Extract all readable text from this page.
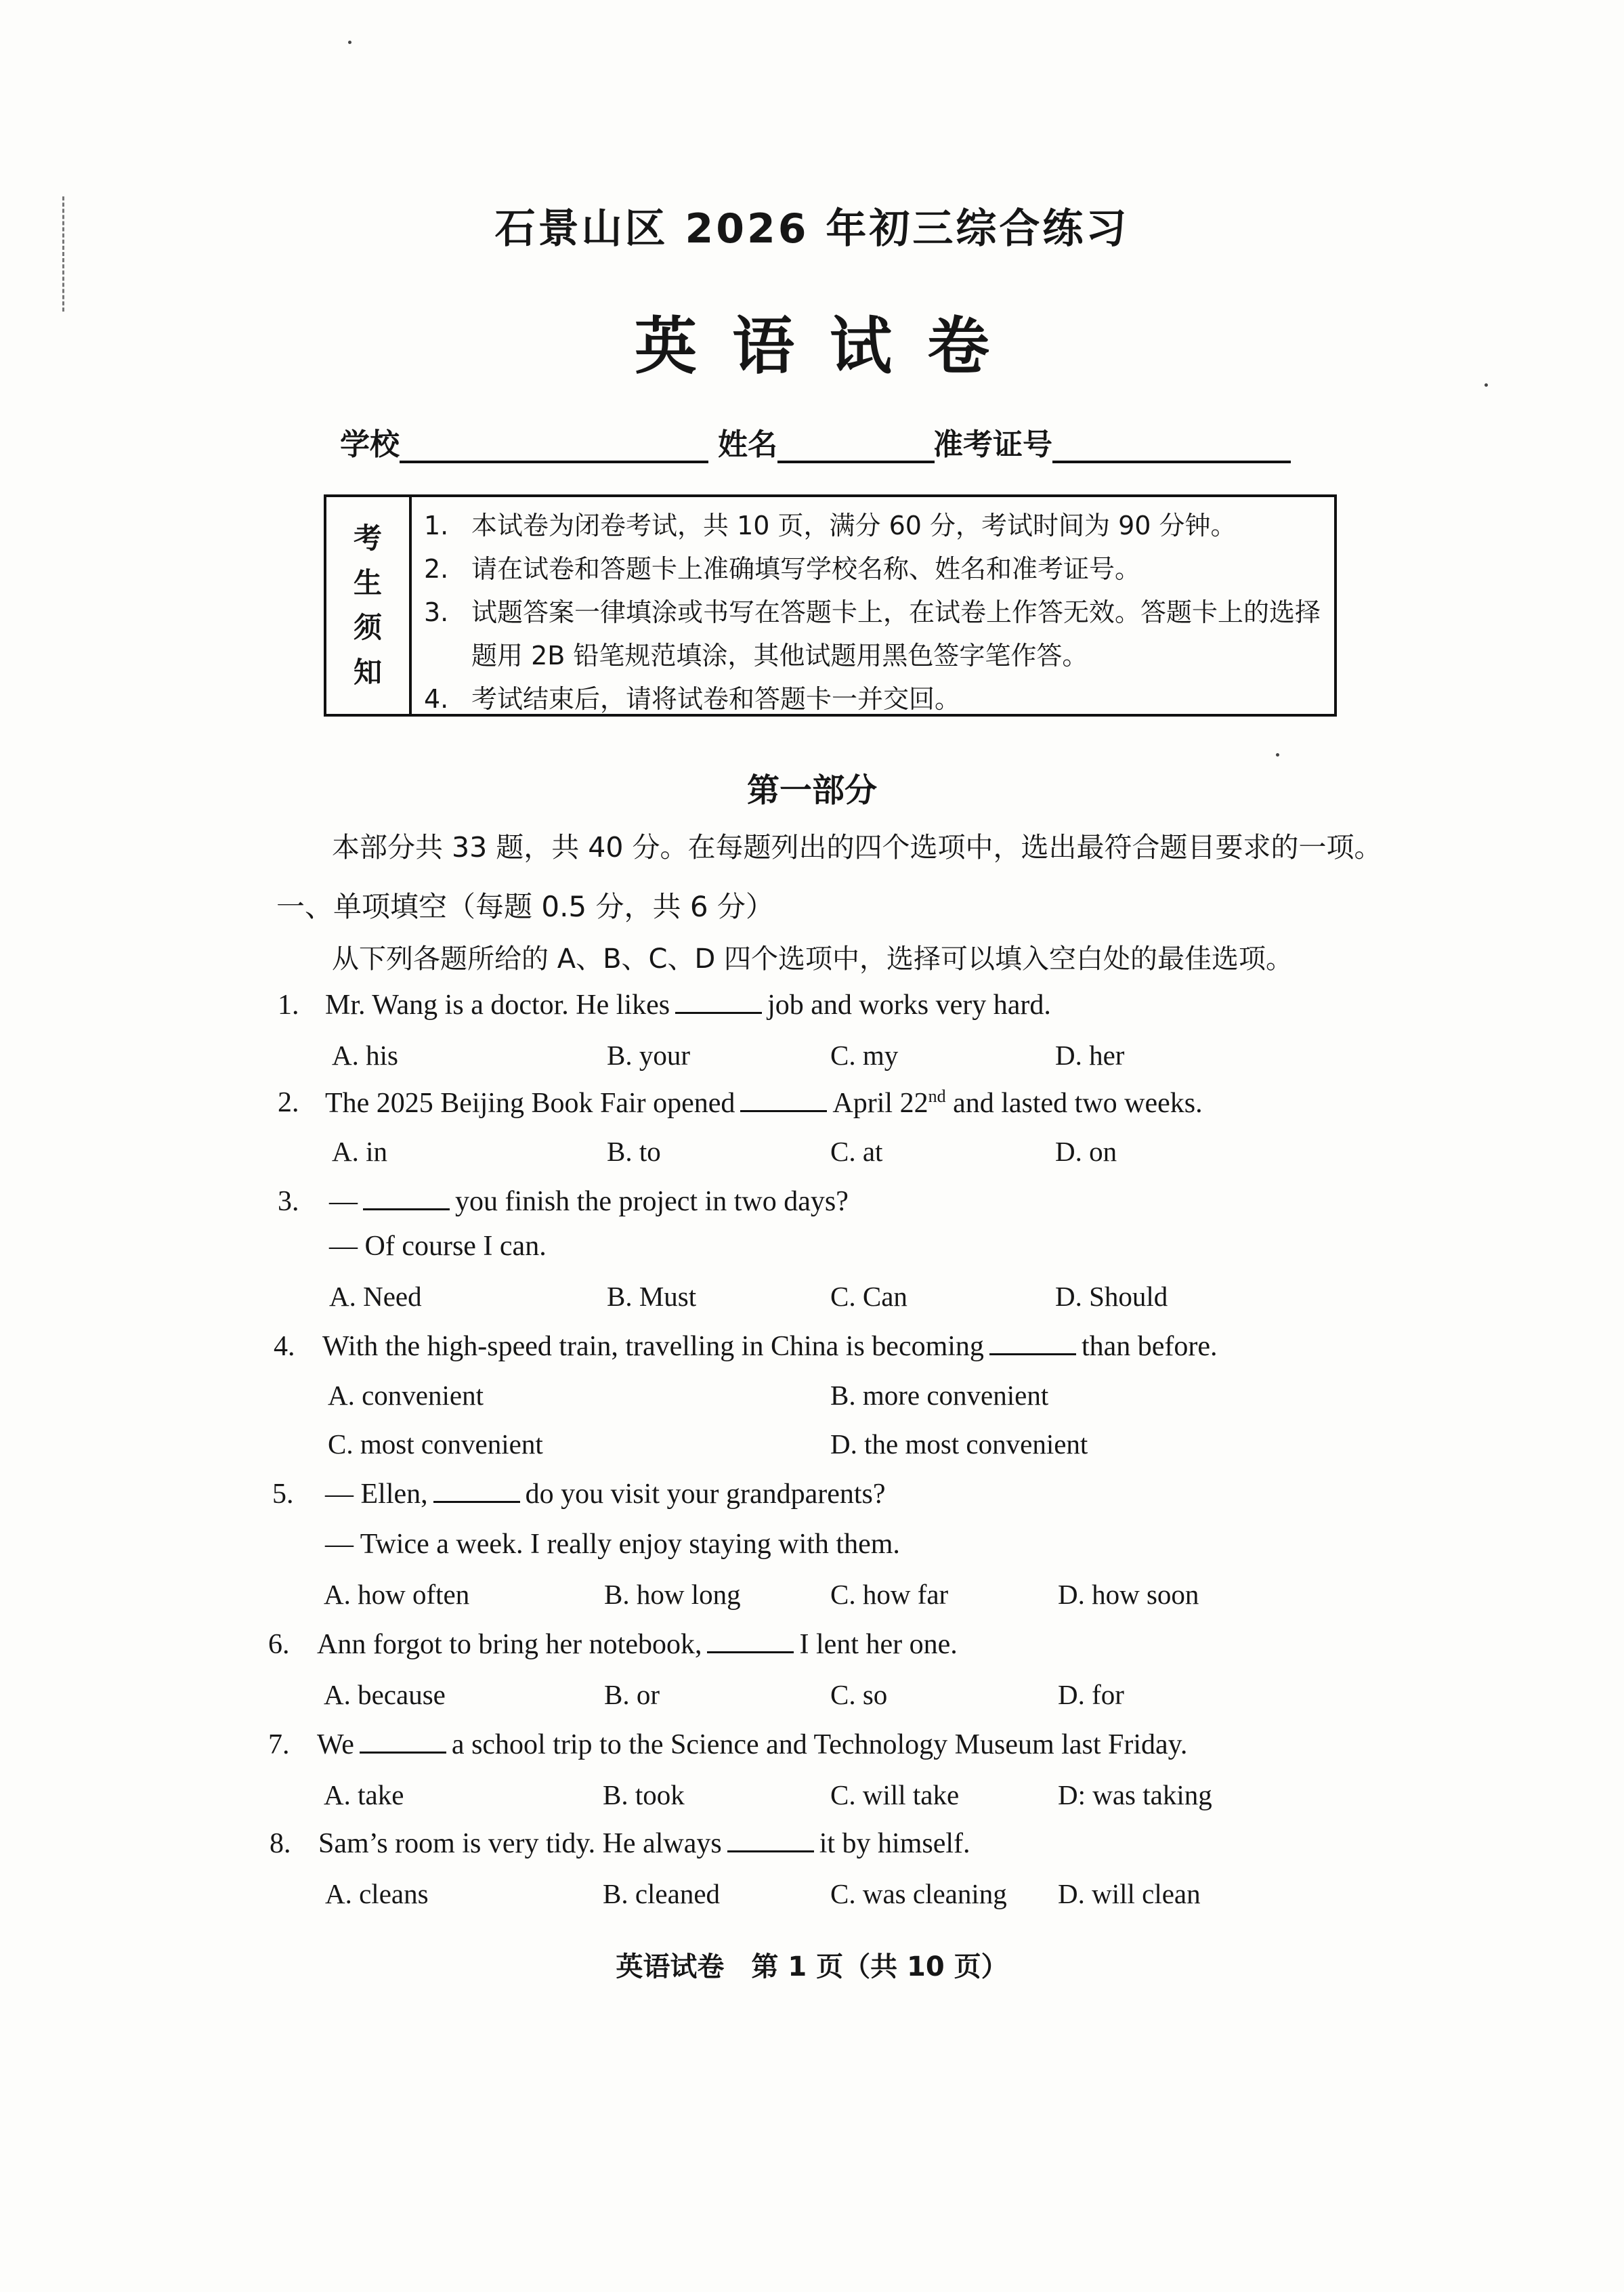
石景山区 2026 年初三综合练习
英语试卷
学校	姓名	准考证号
考
生
须
知
1. 本试卷为闭卷考试，共 10 页，满分 60 分，考试时间为 90 分钟。
2. 请在试卷和答题卡上准确填写学校名称、姓名和准考证号。
3. 试题答案一律填涂或书写在答题卡上，在试卷上作答无效。答题卡上的选择题用 2B 铅笔规范填涂，其他试题用黑色签字笔作答。
4. 考试结束后，请将试卷和答题卡一并交回。
第一部分
本部分共 33 题，共 40 分。在每题列出的四个选项中，选出最符合题目要求的一项。
一、单项填空（每题 0.5 分，共 6 分）
从下列各题所给的 A、B、C、D 四个选项中，选择可以填入空白处的最佳选项。
1. Mr. Wang is a doctor. He likes	job and works very hard.
A. his	B. your	C. my	D. her
2. The 2025 Beijing Book Fair opened	April 22nd and lasted two weeks.
A. in	B. to	C. at	D. on
3. —	you finish the project in two days?
— Of course I can.
A. Need	B. Must	C. Can	D. Should
4. With the high-speed train, travelling in China is becoming	than before.
A. convenient	B. more convenient
C. most convenient	D. the most convenient
5. — Ellen,	do you visit your grandparents?
— Twice a week. I really enjoy staying with them.
A. how often	B. how long	C. how far	D. how soon
6. Ann forgot to bring her notebook,	I lent her one.
A. because	B. or	C. so	D. for
7. We	a school trip to the Science and Technology Museum last Friday.
A. take	B. took	C. will take	D: was taking
8. Sam’s room is very tidy. He always	it by himself.
A. cleans	B. cleaned	C. was cleaning D. will clean
英语试卷　第 1 页（共 10 页）
